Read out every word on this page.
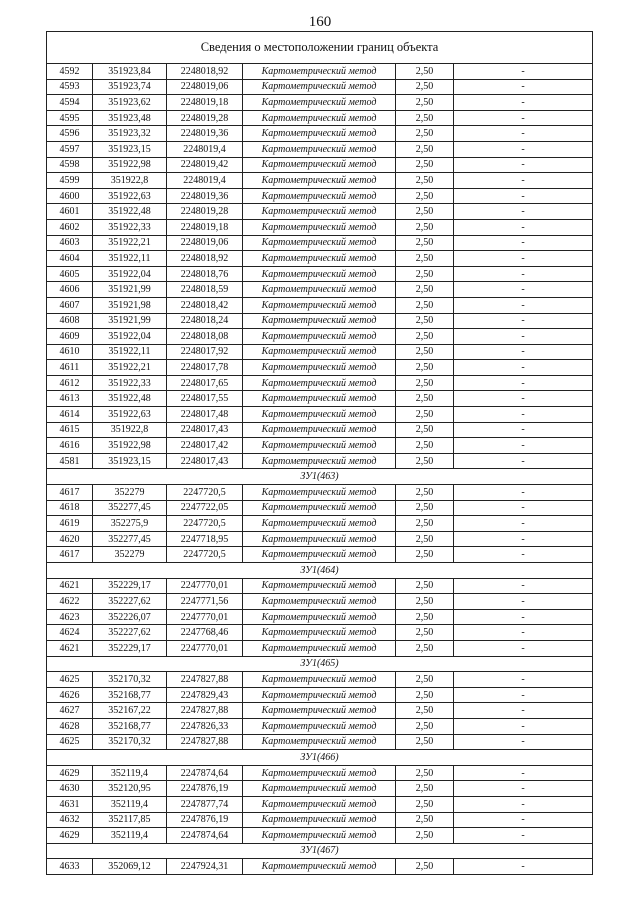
160
Сведения о местоположении границ объекта					
4592	351923,84	2248018,92	Картометрический метод	2,50	-
4593	351923,74	2248019,06	Картометрический метод	2,50	-
4594	351923,62	2248019,18	Картометрический метод	2,50	-
4595	351923,48	2248019,28	Картометрический метод	2,50	-
4596	351923,32	2248019,36	Картометрический метод	2,50	-
4597	351923,15	2248019,4	Картометрический метод	2,50	-
4598	351922,98	2248019,42	Картометрический метод	2,50	-
4599	351922,8	2248019,4	Картометрический метод	2,50	-
4600	351922,63	2248019,36	Картометрический метод	2,50	-
4601	351922,48	2248019,28	Картометрический метод	2,50	-
4602	351922,33	2248019,18	Картометрический метод	2,50	-
4603	351922,21	2248019,06	Картометрический метод	2,50	-
4604	351922,11	2248018,92	Картометрический метод	2,50	-
4605	351922,04	2248018,76	Картометрический метод	2,50	-
4606	351921,99	2248018,59	Картометрический метод	2,50	-
4607	351921,98	2248018,42	Картометрический метод	2,50	-
4608	351921,99	2248018,24	Картометрический метод	2,50	-
4609	351922,04	2248018,08	Картометрический метод	2,50	-
4610	351922,11	2248017,92	Картометрический метод	2,50	-
4611	351922,21	2248017,78	Картометрический метод	2,50	-
4612	351922,33	2248017,65	Картометрический метод	2,50	-
4613	351922,48	2248017,55	Картометрический метод	2,50	-
4614	351922,63	2248017,48	Картометрический метод	2,50	-
4615	351922,8	2248017,43	Картометрический метод	2,50	-
4616	351922,98	2248017,42	Картометрический метод	2,50	-
4581	351923,15	2248017,43	Картометрический метод	2,50	-
ЗУ1(463)					
4617	352279	2247720,5	Картометрический метод	2,50	-
4618	352277,45	2247722,05	Картометрический метод	2,50	-
4619	352275,9	2247720,5	Картометрический метод	2,50	-
4620	352277,45	2247718,95	Картометрический метод	2,50	-
4617	352279	2247720,5	Картометрический метод	2,50	-
ЗУ1(464)					
4621	352229,17	2247770,01	Картометрический метод	2,50	-
4622	352227,62	2247771,56	Картометрический метод	2,50	-
4623	352226,07	2247770,01	Картометрический метод	2,50	-
4624	352227,62	2247768,46	Картометрический метод	2,50	-
4621	352229,17	2247770,01	Картометрический метод	2,50	-
ЗУ1(465)					
4625	352170,32	2247827,88	Картометрический метод	2,50	-
4626	352168,77	2247829,43	Картометрический метод	2,50	-
4627	352167,22	2247827,88	Картометрический метод	2,50	-
4628	352168,77	2247826,33	Картометрический метод	2,50	-
4625	352170,32	2247827,88	Картометрический метод	2,50	-
ЗУ1(466)					
4629	352119,4	2247874,64	Картометрический метод	2,50	-
4630	352120,95	2247876,19	Картометрический метод	2,50	-
4631	352119,4	2247877,74	Картометрический метод	2,50	-
4632	352117,85	2247876,19	Картометрический метод	2,50	-
4629	352119,4	2247874,64	Картометрический метод	2,50	-
ЗУ1(467)					
4633	352069,12	2247924,31	Картометрический метод	2,50	-
